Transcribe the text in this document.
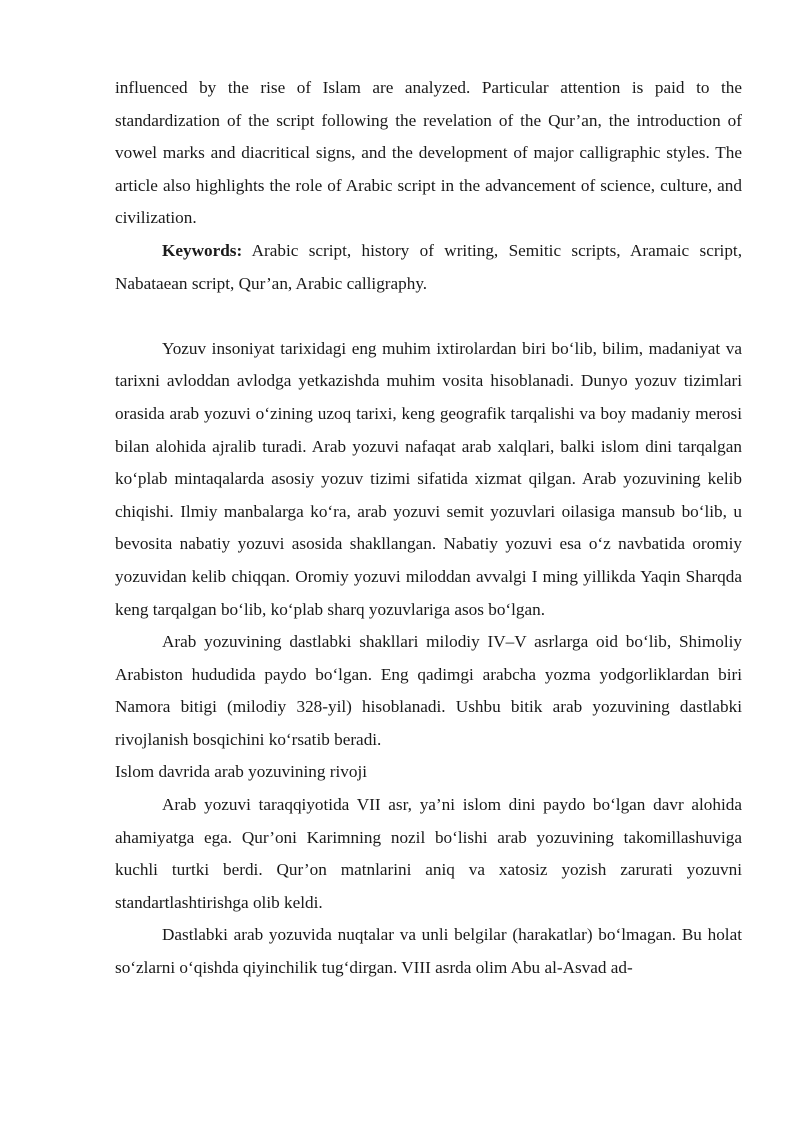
influenced by the rise of Islam are analyzed. Particular attention is paid to the standardization of the script following the revelation of the Qur’an, the introduction of vowel marks and diacritical signs, and the development of major calligraphic styles. The article also highlights the role of Arabic script in the advancement of science, culture, and civilization.

Keywords: Arabic script, history of writing, Semitic scripts, Aramaic script, Nabataean script, Qur’an, Arabic calligraphy.

Yozuv insoniyat tarixidagi eng muhim ixtirolardan biri bo‘lib, bilim, madaniyat va tarixni avloddan avlodga yetkazishda muhim vosita hisoblanadi. Dunyo yozuv tizimlari orasida arab yozuvi o‘zining uzoq tarixi, keng geografik tarqalishi va boy madaniy merosi bilan alohida ajralib turadi. Arab yozuvi nafaqat arab xalqlari, balki islom dini tarqalgan ko‘plab mintaqalarda asosiy yozuv tizimi sifatida xizmat qilgan. Arab yozuvining kelib chiqishi. Ilmiy manbalarga ko‘ra, arab yozuvi semit yozuvlari oilasiga mansub bo‘lib, u bevosita nabatiy yozuvi asosida shakllangan. Nabatiy yozuvi esa o‘z navbatida oromiy yozuvidan kelib chiqqan. Oromiy yozuvi miloddan avvalgi I ming yillikda Yaqin Sharqda keng tarqalgan bo‘lib, ko‘plab sharq yozuvlariga asos bo‘lgan.

Arab yozuvining dastlabki shakllari milodiy IV–V asrlarga oid bo‘lib, Shimoliy Arabiston hududida paydo bo‘lgan. Eng qadimgi arabcha yozma yodgorliklardan biri Namora bitigi (milodiy 328-yil) hisoblanadi. Ushbu bitik arab yozuvining dastlabki rivojlanish bosqichini ko‘rsatib beradi.

Islom davrida arab yozuvining rivoji

Arab yozuvi taraqqiyotida VII asr, ya’ni islom dini paydo bo‘lgan davr alohida ahamiyatga ega. Qur’oni Karimning nozil bo‘lishi arab yozuvining takomillashuviga kuchli turtki berdi. Qur’on matnlarini aniq va xatosiz yozish zarurati yozuvni standartlashtirishga olib keldi.

Dastlabki arab yozuvida nuqtalar va unli belgilar (harakatlar) bo‘lmagan. Bu holat so‘zlarni o‘qishda qiyinchilik tug‘dirgan. VIII asrda olim Abu al-Asvad ad-
